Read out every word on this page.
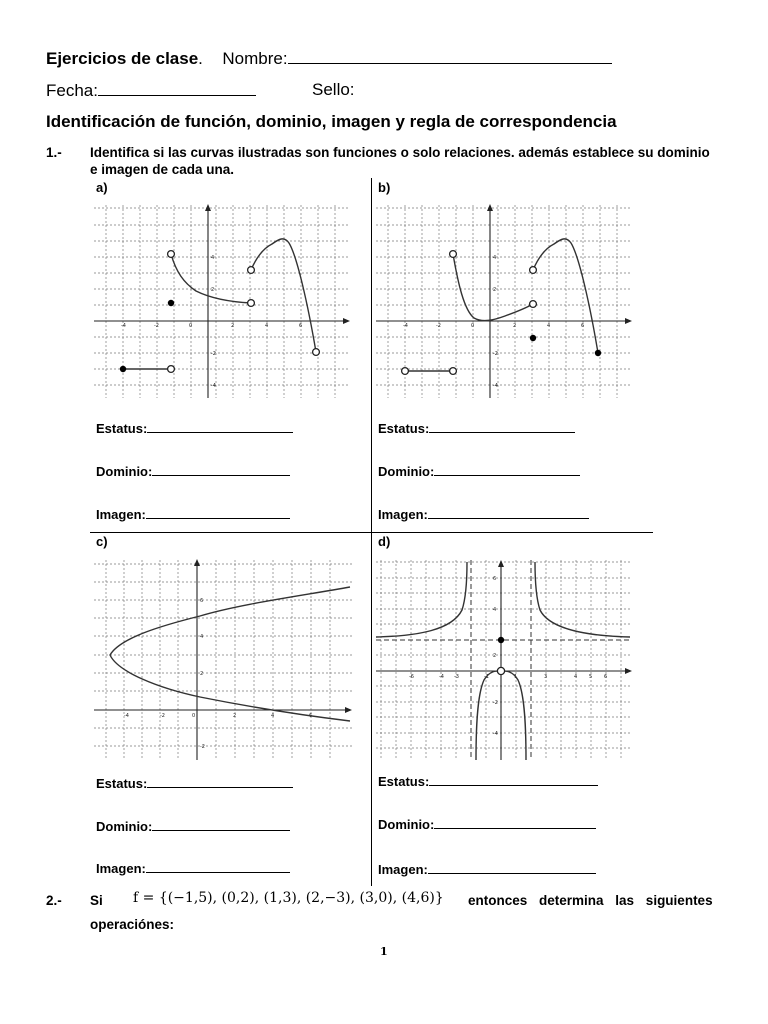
Ejercicios de clase. Nombre:
Fecha:	Sello:
Identificación de función, dominio, imagen y regla de correspondencia
1.- Identifica si las curvas ilustradas son funciones o solo relaciones. además establece su dominio
e imagen de cada una.
a)	b)
c)	d)
-4	-2	0	2	4	6
4
2
-2
-4
-4	-2	0	2	4	6
4
2
-2
-4
Estatus:
Dominio:
Imagen:
Estatus:
Dominio:
Imagen:
-4	-2	0	2	4	6
6
4
2
-2
-6	-4 -3	-1	1	3	4 5 6
6
4
2
-2
-4
Estatus:
Dominio:
Imagen:
Estatus:
Dominio:
Imagen:
2.- Si f = {(−1,5), (0,2), (1,3), (2,−3), (3,0), (4,6)} entonces determina las siguientes
operaciónes:
1
